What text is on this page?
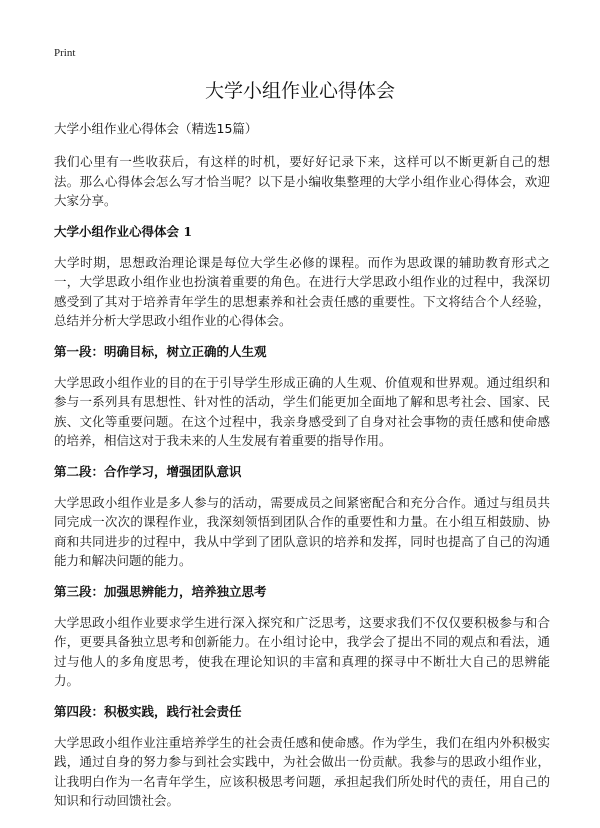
Print
大学小组作业心得体会

大学小组作业心得体会（精选15篇）

我们心里有一些收获后，有这样的时机，要好好记录下来，这样可以不断更新自己的想法。那么心得体会怎么写才恰当呢？以下是小编收集整理的大学小组作业心得体会，欢迎大家分享。

大学小组作业心得体会 1

大学时期，思想政治理论课是每位大学生必修的课程。而作为思政课的辅助教育形式之一，大学思政小组作业也扮演着重要的角色。在进行大学思政小组作业的过程中，我深切感受到了其对于培养青年学生的思想素养和社会责任感的重要性。下文将结合个人经验，总结并分析大学思政小组作业的心得体会。

第一段：明确目标，树立正确的人生观

大学思政小组作业的目的在于引导学生形成正确的人生观、价值观和世界观。通过组织和参与一系列具有思想性、针对性的活动，学生们能更加全面地了解和思考社会、国家、民族、文化等重要问题。在这个过程中，我亲身感受到了自身对社会事物的责任感和使命感的培养，相信这对于我未来的人生发展有着重要的指导作用。

第二段：合作学习，增强团队意识

大学思政小组作业是多人参与的活动，需要成员之间紧密配合和充分合作。通过与组员共同完成一次次的课程作业，我深刻领悟到团队合作的重要性和力量。在小组互相鼓励、协商和共同进步的过程中，我从中学到了团队意识的培养和发挥，同时也提高了自己的沟通能力和解决问题的能力。

第三段：加强思辨能力，培养独立思考

大学思政小组作业要求学生进行深入探究和广泛思考，这要求我们不仅仅要积极参与和合作，更要具备独立思考和创新能力。在小组讨论中，我学会了提出不同的观点和看法，通过与他人的多角度思考，使我在理论知识的丰富和真理的探寻中不断壮大自己的思辨能力。

第四段：积极实践，践行社会责任

大学思政小组作业注重培养学生的社会责任感和使命感。作为学生，我们在组内外积极实践，通过自身的努力参与到社会实践中，为社会做出一份贡献。我参与的思政小组作业，让我明白作为一名青年学生，应该积极思考问题，承担起我们所处时代的责任，用自己的知识和行动回馈社会。
